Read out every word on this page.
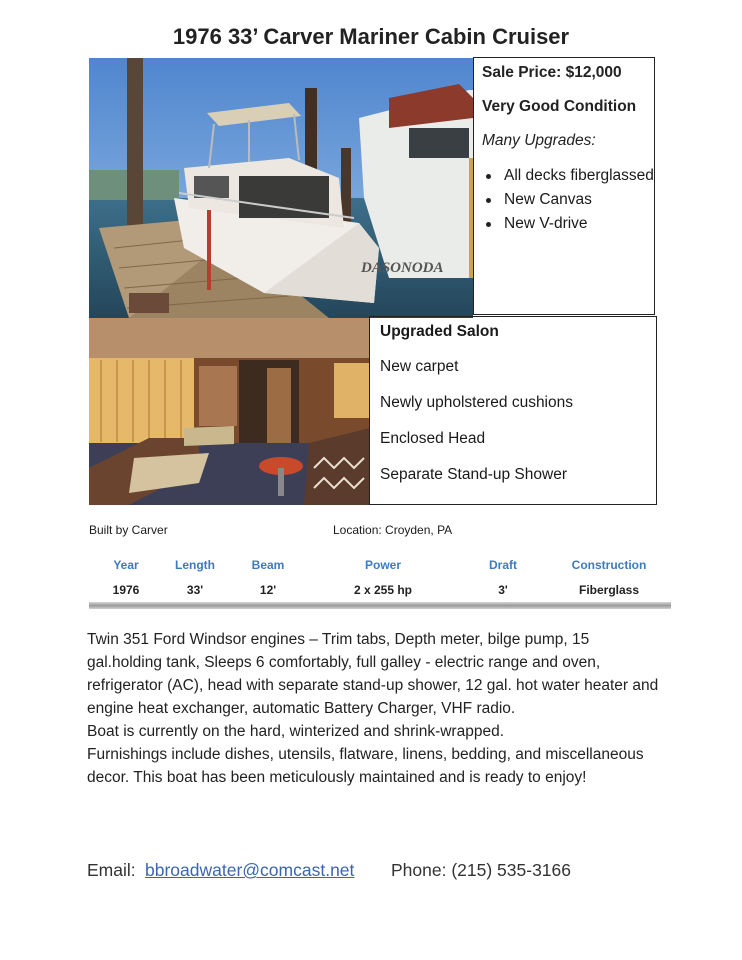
1976 33’ Carver Mariner Cabin Cruiser
DASONODA
Sale Price: $12,000
Very Good Condition
Many Upgrades:
All decks fiberglassed
New Canvas
New V-drive
Upgraded Salon
New carpet
Newly upholstered cushions
Enclosed Head
Separate Stand-up Shower
Built by Carver	Location: Croyden, PA
Year	Length	Beam	Power	Draft	Construction
1976	33'	12'	2 x 255 hp	3'	Fiberglass

Twin 351 Ford Windsor engines – Trim tabs, Depth meter, bilge pump, 15 gal.holding tank, Sleeps 6 comfortably, full galley - electric range and oven, refrigerator (AC), head with separate stand-up shower, 12 gal. hot water heater and engine heat exchanger, automatic Battery Charger, VHF radio.

Boat is currently on the hard, winterized and shrink-wrapped.

Furnishings include dishes, utensils, flatware, linens, bedding, and miscellaneous decor. This boat has been meticulously maintained and is ready to enjoy!

Email: bbroadwater@comcast.net Phone: (215) 535-3166
